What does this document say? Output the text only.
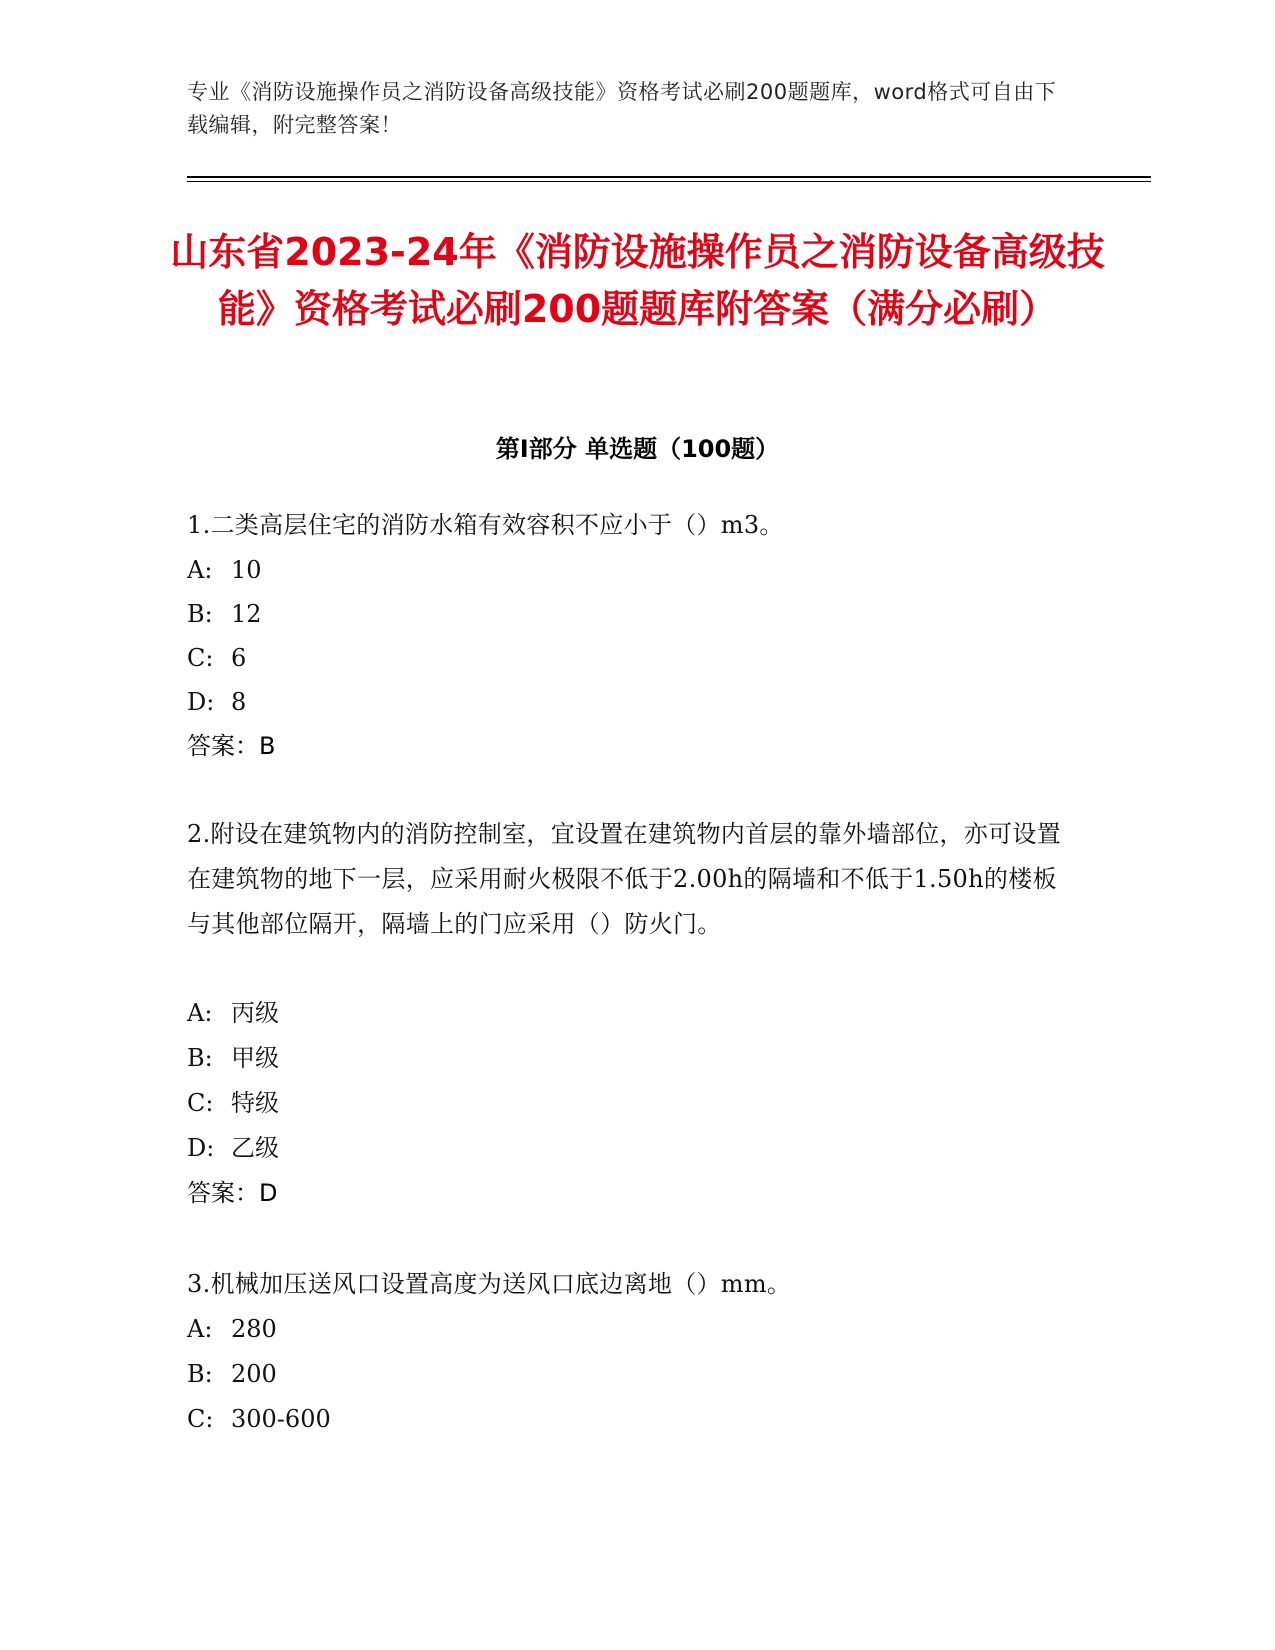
专业《消防设施操作员之消防设备高级技能》资格考试必刷200题题库，word格式可自由下载编辑，附完整答案！
山东省2023-24年《消防设施操作员之消防设备高级技能》资格考试必刷200题题库附答案（满分必刷）
第Ⅰ部分 单选题（100题）
1.二类高层住宅的消防水箱有效容积不应小于（）m3。
A: 10
B: 12
C: 6
D: 8
答案：B
2.附设在建筑物内的消防控制室，宜设置在建筑物内首层的靠外墙部位，亦可设置在建筑物的地下一层，应采用耐火极限不低于2.00h的隔墙和不低于1.50h的楼板与其他部位隔开，隔墙上的门应采用（）防火门。
A: 丙级
B: 甲级
C: 特级
D: 乙级
答案：D
3.机械加压送风口设置高度为送风口底边离地（）mm。
A: 280
B: 200
C: 300-600
